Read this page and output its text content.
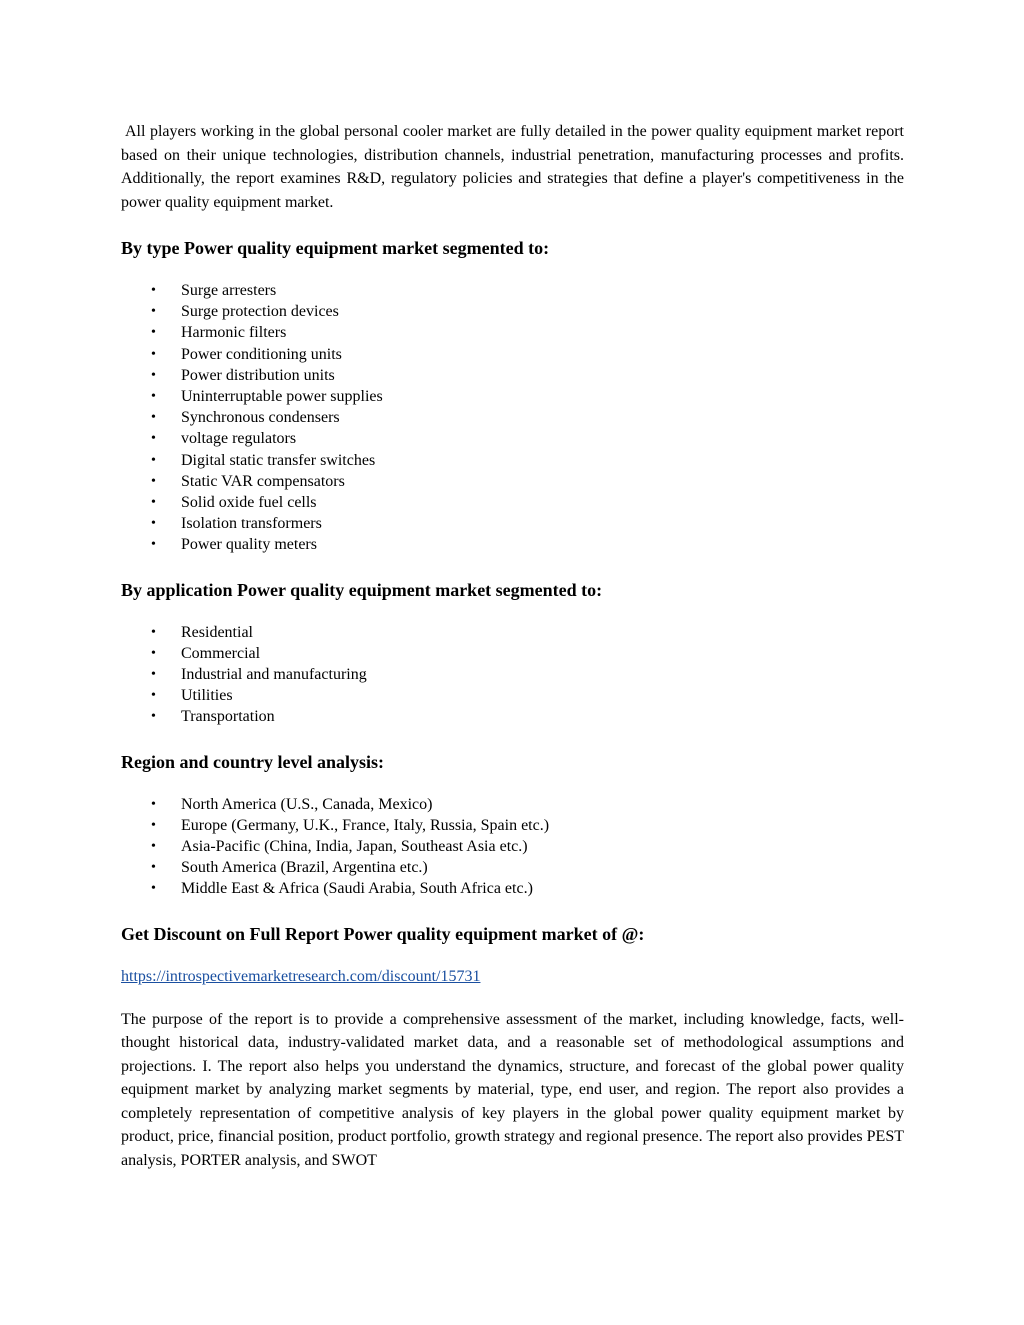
All players working in the global personal cooler market are fully detailed in the power quality equipment market report based on their unique technologies, distribution channels, industrial penetration, manufacturing processes and profits. Additionally, the report examines R&D, regulatory policies and strategies that define a player's competitiveness in the power quality equipment market.

By type Power quality equipment market segmented to:
• Surge arresters
• Surge protection devices
• Harmonic filters
• Power conditioning units
• Power distribution units
• Uninterruptable power supplies
• Synchronous condensers
• voltage regulators
• Digital static transfer switches
• Static VAR compensators
• Solid oxide fuel cells
• Isolation transformers
• Power quality meters
By application Power quality equipment market segmented to:
• Residential
• Commercial
• Industrial and manufacturing
• Utilities
• Transportation
Region and country level analysis:
• North America (U.S., Canada, Mexico)
• Europe (Germany, U.K., France, Italy, Russia, Spain etc.)
• Asia-Pacific (China, India, Japan, Southeast Asia etc.)
• South America (Brazil, Argentina etc.)
• Middle East & Africa (Saudi Arabia, South Africa etc.)
Get Discount on Full Report Power quality equipment market of @:
https://introspectivemarketresearch.com/discount/15731

The purpose of the report is to provide a comprehensive assessment of the market, including knowledge, facts, well-thought historical data, industry-validated market data, and a reasonable set of methodological assumptions and projections. I. The report also helps you understand the dynamics, structure, and forecast of the global power quality equipment market by analyzing market segments by material, type, end user, and region. The report also provides a completely representation of competitive analysis of key players in the global power quality equipment market by product, price, financial position, product portfolio, growth strategy and regional presence. The report also provides PEST analysis, PORTER analysis, and SWOT
